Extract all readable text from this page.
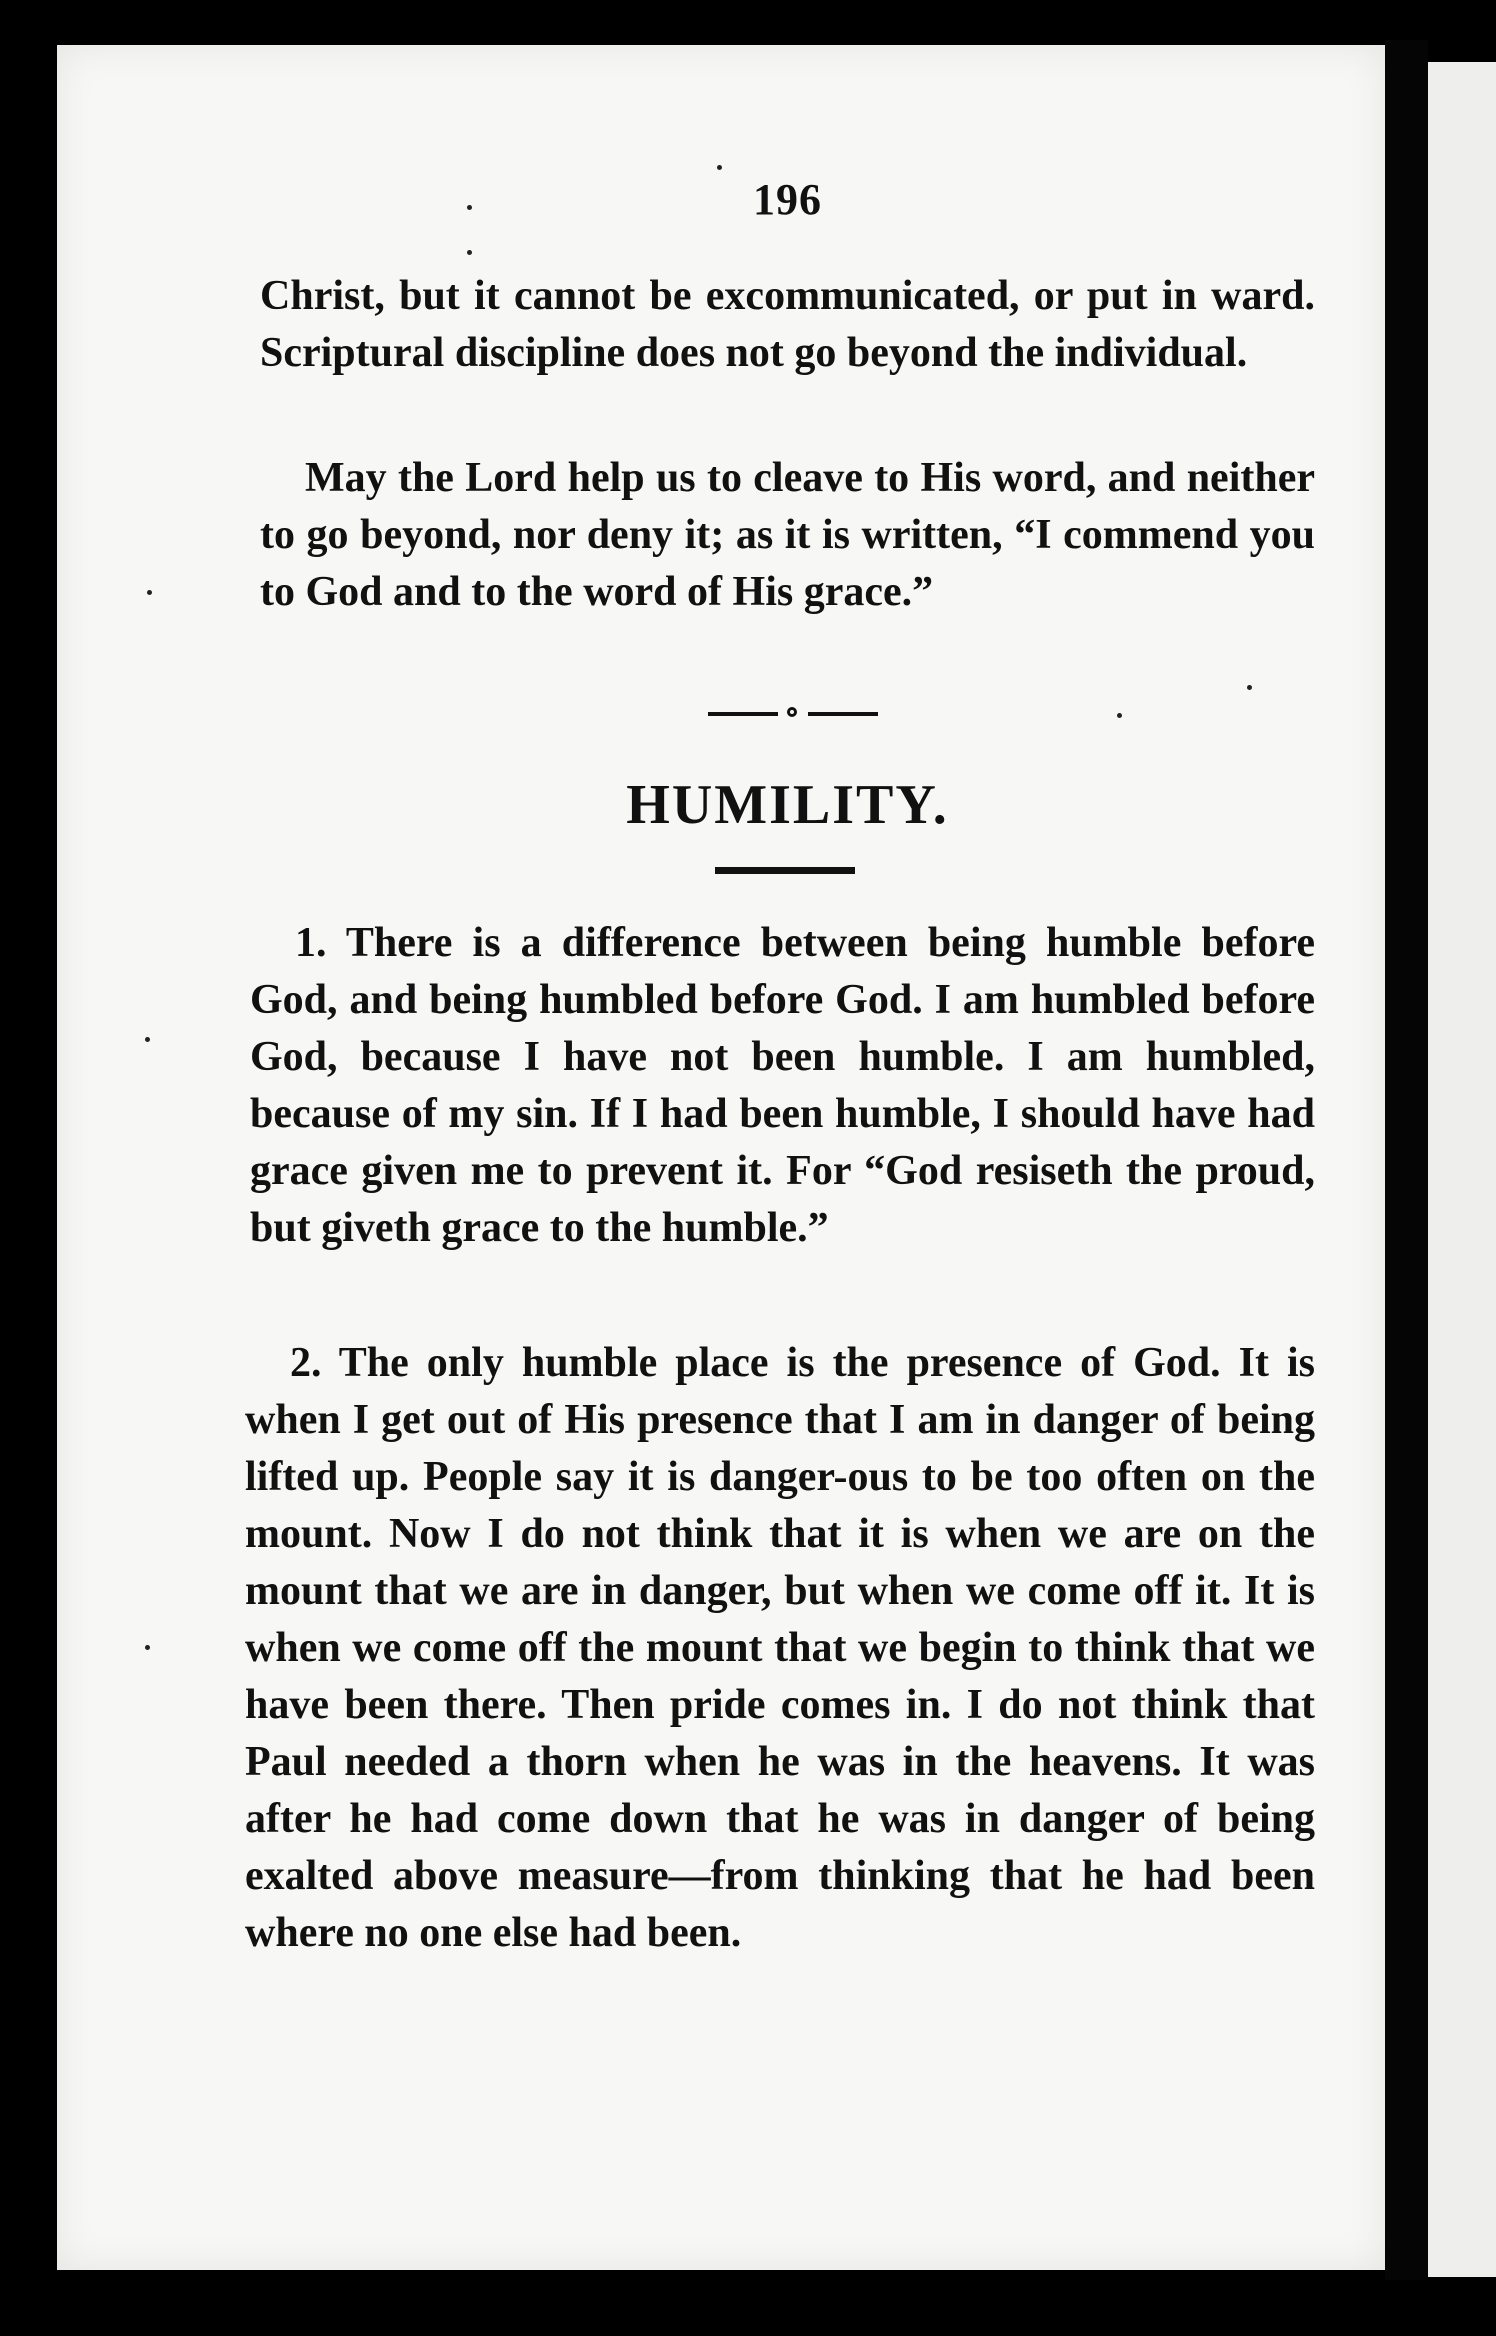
196

Christ, but it cannot be excommunicated, or put in ward. Scriptural discipline does not go beyond the individual.

May the Lord help us to cleave to His word, and neither to go beyond, nor deny it; as it is written, “I commend you to God and to the word of His grace.”

HUMILITY.

1. There is a difference between being humble before God, and being humbled before God. I am humbled before God, because I have not been humble. I am humbled, because of my sin. If I had been humble, I should have had grace given me to prevent it. For “God resiseth the proud, but giveth grace to the humble.”

2. The only humble place is the presence of God. It is when I get out of His presence that I am in danger of being lifted up. People say it is danger-ous to be too often on the mount. Now I do not think that it is when we are on the mount that we are in danger, but when we come off it. It is when we come off the mount that we begin to think that we have been there. Then pride comes in. I do not think that Paul needed a thorn when he was in the heavens. It was after he had come down that he was in danger of being exalted above measure—from thinking that he had been where no one else had been.
